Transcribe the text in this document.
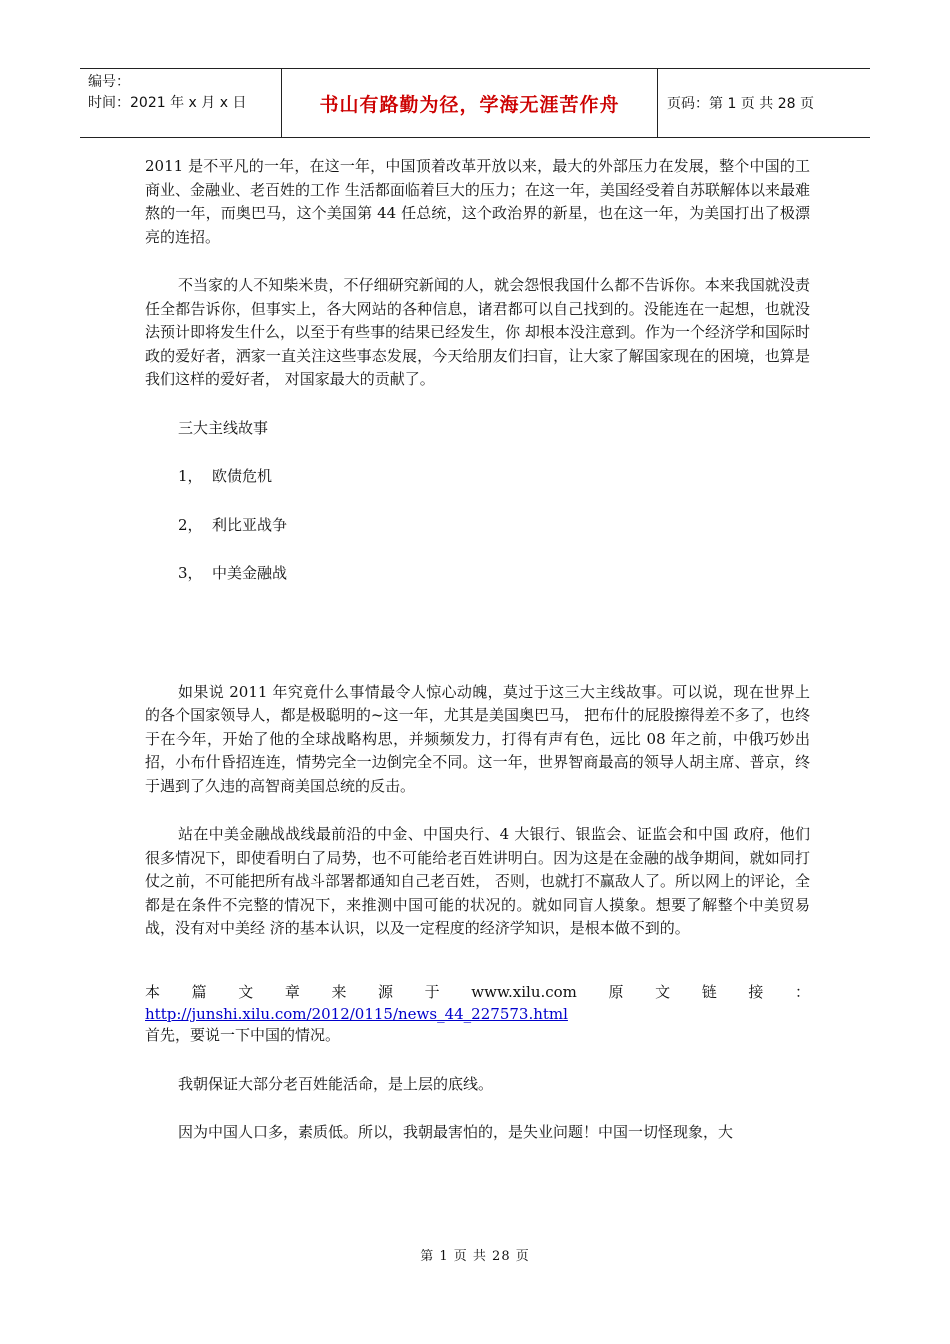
编号：
时间：2021 年 x 月 x 日	书山有路勤为径，学海无涯苦作舟	页码：第 1 页 共 28 页

2011 是不平凡的一年，在这一年，中国顶着改革开放以来，最大的外部压力在发展，整个中国的工商业、金融业、老百姓的工作 生活都面临着巨大的压力；在这一年，美国经受着自苏联解体以来最难熬的一年，而奥巴马，这个美国第 44 任总统，这个政治界的新星，也在这一年，为美国打出了极漂亮的连招。

不当家的人不知柴米贵，不仔细研究新闻的人，就会怨恨我国什么都不告诉你。本来我国就没责任全都告诉你，但事实上，各大网站的各种信息，诸君都可以自己找到的。没能连在一起想，也就没法预计即将发生什么，以至于有些事的结果已经发生，你 却根本没注意到。作为一个经济学和国际时政的爱好者，洒家一直关注这些事态发展，今天给朋友们扫盲，让大家了解国家现在的困境，也算是我们这样的爱好者， 对国家最大的贡献了。

三大主线故事

1， 欧债危机

2， 利比亚战争

3， 中美金融战

如果说 2011 年究竟什么事情最令人惊心动魄，莫过于这三大主线故事。可以说，现在世界上的各个国家领导人，都是极聪明的~这一年，尤其是美国奥巴马， 把布什的屁股擦得差不多了，也终于在今年，开始了他的全球战略构思，并频频发力，打得有声有色，远比 08 年之前，中俄巧妙出招，小布什昏招连连，情势完全一边倒完全不同。这一年，世界智商最高的领导人胡主席、普京，终于遇到了久违的高智商美国总统的反击。

站在中美金融战战线最前沿的中金、中国央行、4 大银行、银监会、证监会和中国 政府，他们很多情况下，即使看明白了局势，也不可能给老百姓讲明白。因为这是在金融的战争期间，就如同打仗之前，不可能把所有战斗部署都通知自己老百姓， 否则，也就打不赢敌人了。所以网上的评论，全都是在条件不完整的情况下，来推测中国可能的状况的。就如同盲人摸象。想要了解整个中美贸易战，没有对中美经 济的基本认识，以及一定程度的经济学知识，是根本做不到的。

本 篇 文 章 来 源 于 www.xilu.com 原 文 链 接 ：

http://junshi.xilu.com/2012/0115/news_44_227573.html

首先，要说一下中国的情况。

我朝保证大部分老百姓能活命，是上层的底线。

因为中国人口多，素质低。所以，我朝最害怕的，是失业问题！中国一切怪现象，大

第 1 页 共 28 页
